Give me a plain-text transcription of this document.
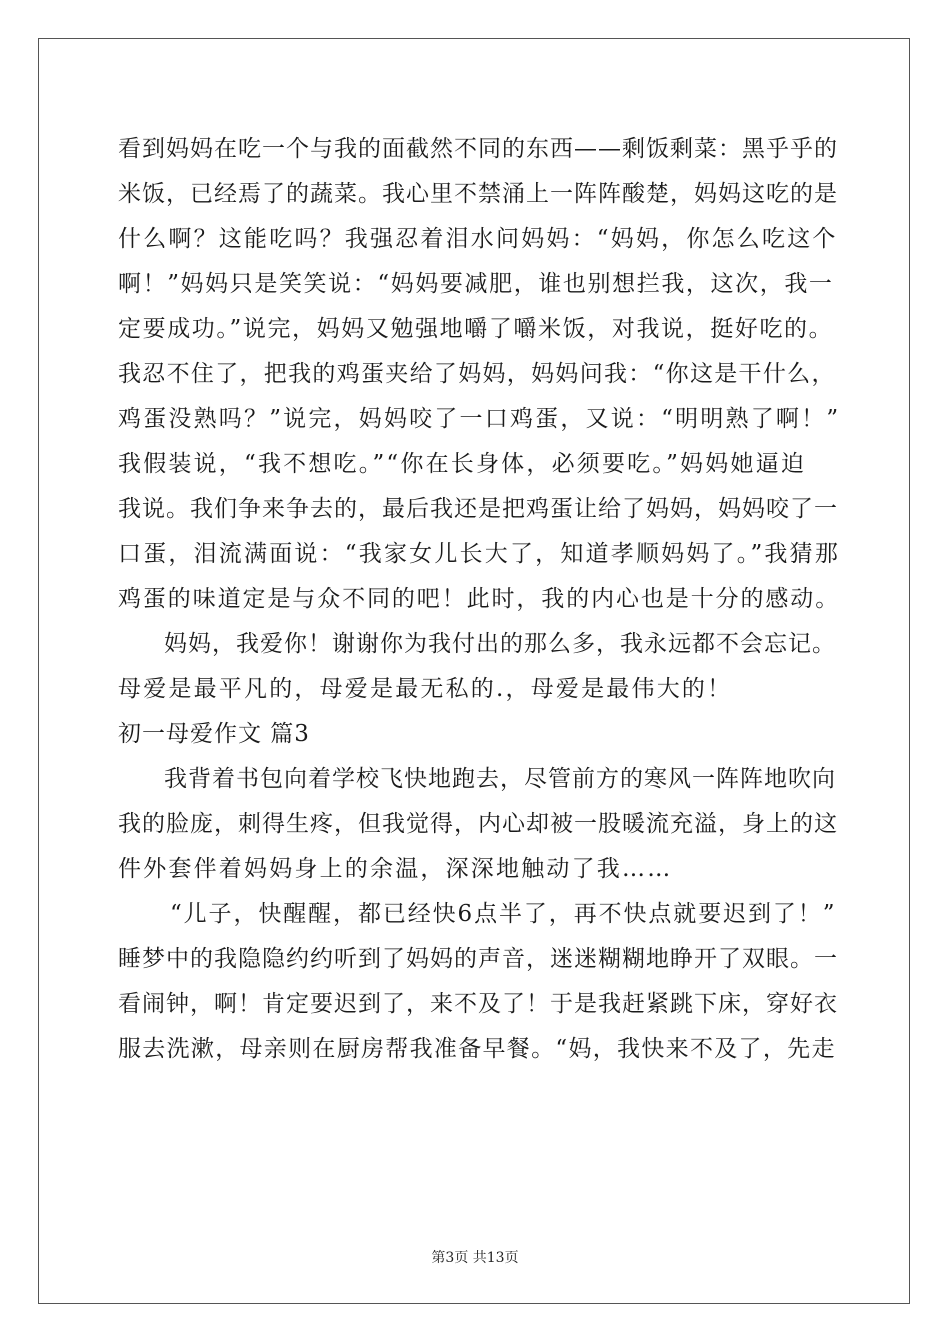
看到妈妈在吃一个与我的面截然不同的东西——剩饭剩菜：黑乎乎的
米饭，已经焉了的蔬菜。我心里不禁涌上一阵阵酸楚，妈妈这吃的是
什么啊？这能吃吗？我强忍着泪水问妈妈：“妈妈，你怎么吃这个
啊！”妈妈只是笑笑说：“妈妈要减肥，谁也别想拦我，这次，我一
定要成功。”说完，妈妈又勉强地嚼了嚼米饭，对我说，挺好吃的。
我忍不住了，把我的鸡蛋夹给了妈妈，妈妈问我：“你这是干什么，
鸡蛋没熟吗？”说完，妈妈咬了一口鸡蛋，又说：“明明熟了啊！”
我假装说，“我不想吃。”“你在长身体，必须要吃。”妈妈她逼迫
我说。我们争来争去的，最后我还是把鸡蛋让给了妈妈，妈妈咬了一
口蛋，泪流满面说：“我家女儿长大了，知道孝顺妈妈了。”我猜那
鸡蛋的味道定是与众不同的吧！此时，我的内心也是十分的感动。
妈妈，我爱你！谢谢你为我付出的那么多，我永远都不会忘记。
母爱是最平凡的，母爱是最无私的.，母爱是最伟大的！
初一母爱作文 篇3
我背着书包向着学校飞快地跑去，尽管前方的寒风一阵阵地吹向
我的脸庞，刺得生疼，但我觉得，内心却被一股暖流充溢，身上的这
件外套伴着妈妈身上的余温，深深地触动了我……
“儿子，快醒醒，都已经快6点半了，再不快点就要迟到了！”
睡梦中的我隐隐约约听到了妈妈的声音，迷迷糊糊地睁开了双眼。一
看闹钟，啊！肯定要迟到了，来不及了！于是我赶紧跳下床，穿好衣
服去洗漱，母亲则在厨房帮我准备早餐。“妈，我快来不及了，先走
第3页 共13页
